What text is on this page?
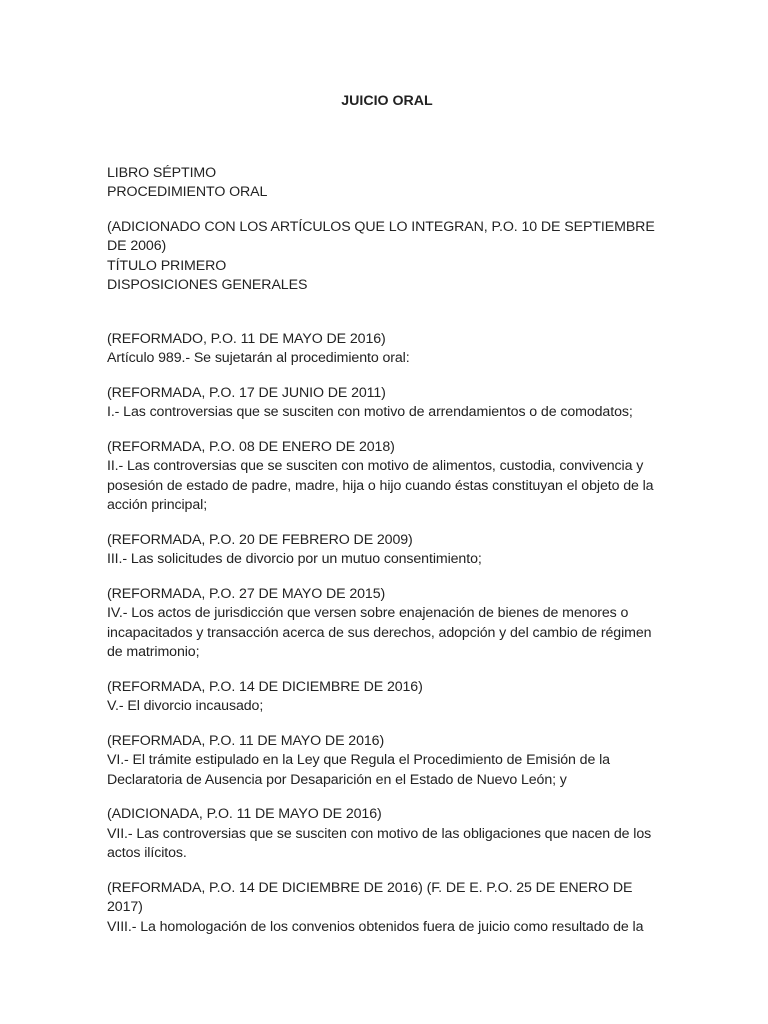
JUICIO ORAL
LIBRO SÉPTIMO
PROCEDIMIENTO ORAL
(ADICIONADO CON LOS ARTÍCULOS QUE LO INTEGRAN, P.O. 10 DE SEPTIEMBRE DE 2006)
TÍTULO PRIMERO
DISPOSICIONES GENERALES
(REFORMADO, P.O. 11 DE MAYO DE 2016)
Artículo 989.- Se sujetarán al procedimiento oral:
(REFORMADA, P.O. 17 DE JUNIO DE 2011)
I.- Las controversias que se susciten con motivo de arrendamientos o de comodatos;
(REFORMADA, P.O. 08 DE ENERO DE 2018)
II.- Las controversias que se susciten con motivo de alimentos, custodia, convivencia y posesión de estado de padre, madre, hija o hijo cuando éstas constituyan el objeto de la acción principal;
(REFORMADA, P.O. 20 DE FEBRERO DE 2009)
III.- Las solicitudes de divorcio por un mutuo consentimiento;
(REFORMADA, P.O. 27 DE MAYO DE 2015)
IV.- Los actos de jurisdicción que versen sobre enajenación de bienes de menores o incapacitados y transacción acerca de sus derechos, adopción y del cambio de régimen de matrimonio;
(REFORMADA, P.O. 14 DE DICIEMBRE DE 2016)
V.- El divorcio incausado;
(REFORMADA, P.O. 11 DE MAYO DE 2016)
VI.- El trámite estipulado en la Ley que Regula el Procedimiento de Emisión de la Declaratoria de Ausencia por Desaparición en el Estado de Nuevo León; y
(ADICIONADA, P.O. 11 DE MAYO DE 2016)
VII.- Las controversias que se susciten con motivo de las obligaciones que nacen de los actos ilícitos.
(REFORMADA, P.O. 14 DE DICIEMBRE DE 2016) (F. DE E. P.O. 25 DE ENERO DE 2017)
VIII.- La homologación de los convenios obtenidos fuera de juicio como resultado de la
